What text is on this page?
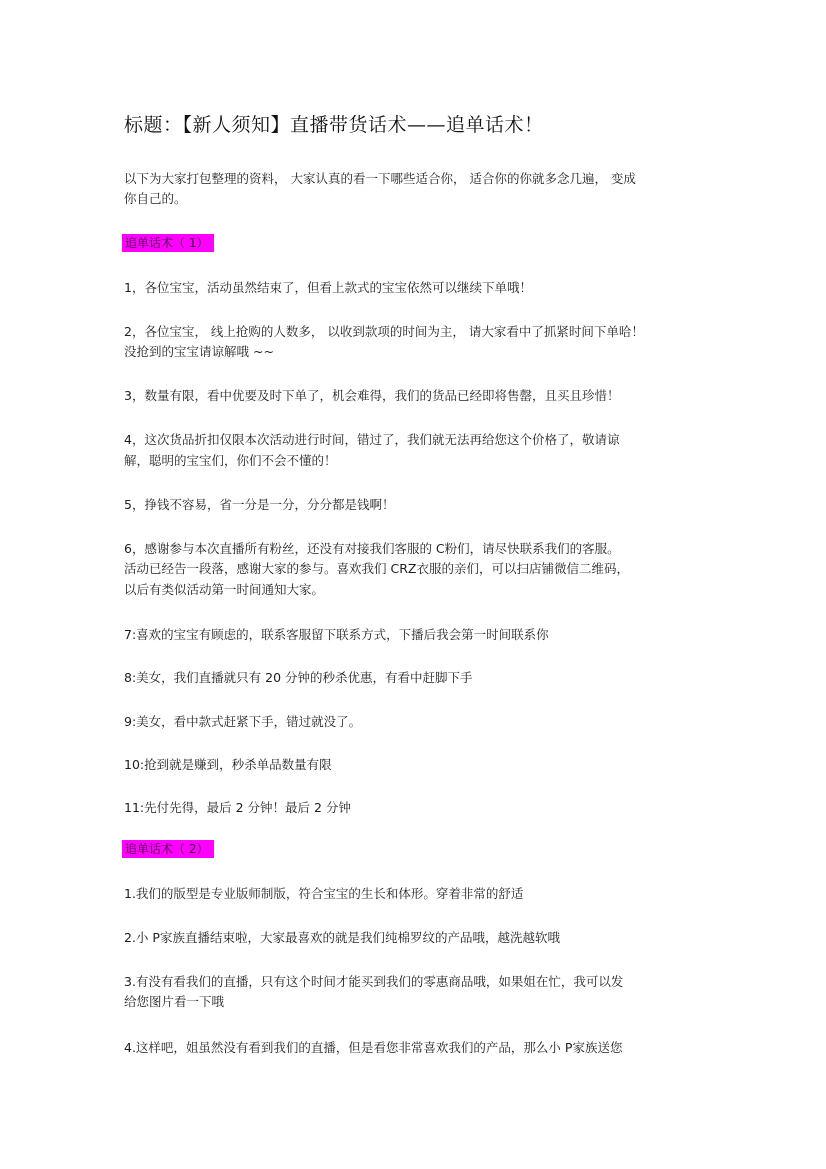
标题：【新人须知】直播带货话术——追单话术！
以下为大家打包整理的资料， 大家认真的看一下哪些适合你， 适合你的你就多念几遍， 变成
你自己的。
追单话术（ 1）
1，各位宝宝，活动虽然结束了，但看上款式的宝宝依然可以继续下单哦！
2，各位宝宝， 线上抢购的人数多， 以收到款项的时间为主， 请大家看中了抓紧时间下单哈！
没抢到的宝宝请谅解哦 ~~
3，数量有限，看中优要及时下单了，机会难得，我们的货品已经即将售罄，且买且珍惜！
4，这次货品折扣仅限本次活动进行时间，错过了，我们就无法再给您这个价格了，敬请谅
解，聪明的宝宝们，你们不会不懂的！
5，挣钱不容易，省一分是一分，分分都是钱啊！
6，感谢参与本次直播所有粉丝，还没有对接我们客服的 C粉们，请尽快联系我们的客服。
活动已经告一段落，感谢大家的参与。喜欢我们 CRZ衣服的亲们，可以扫店铺微信二维码，
以后有类似活动第一时间通知大家。
7:喜欢的宝宝有顾虑的，联系客服留下联系方式，下播后我会第一时间联系你
8:美女，我们直播就只有 20 分钟的秒杀优惠，有看中赶脚下手
9:美女，看中款式赶紧下手，错过就没了。
10:抢到就是赚到，秒杀单品数量有限
11:先付先得，最后 2 分钟！最后 2 分钟
追单话术（ 2）
1.我们的版型是专业版师制版，符合宝宝的生长和体形。穿着非常的舒适
2.小 P家族直播结束啦，大家最喜欢的就是我们纯棉罗纹的产品哦，越洗越软哦
3.有没有看我们的直播，只有这个时间才能买到我们的零惠商品哦，如果姐在忙，我可以发
给您图片看一下哦
4.这样吧，姐虽然没有看到我们的直播，但是看您非常喜欢我们的产品，那么小 P家族送您
